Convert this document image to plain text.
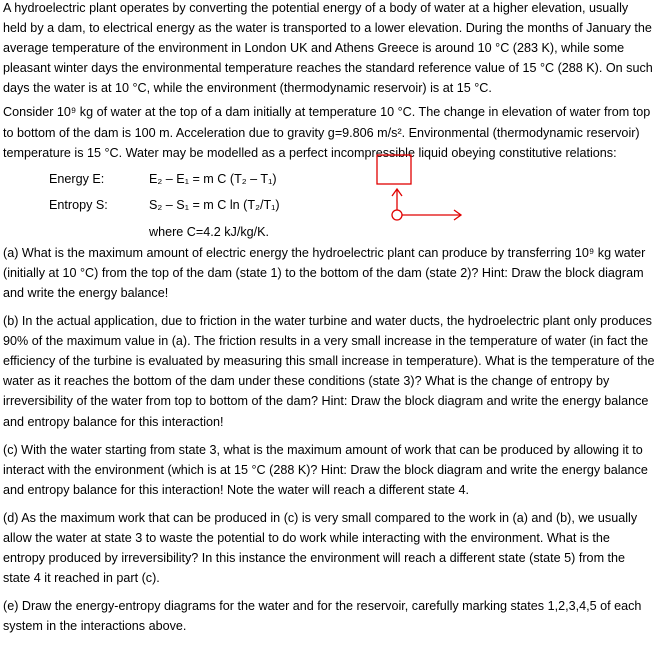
A hydroelectric plant operates by converting the potential energy of a body of water at a higher elevation, usually held by a dam, to electrical energy as the water is transported to a lower elevation. During the months of January the average temperature of the environment in London UK and Athens Greece is around 10 °C (283 K), while some pleasant winter days the environmental temperature reaches the standard reference value of 15 °C (288 K). On such days the water is at 10 °C, while the environment (thermodynamic reservoir) is at 15 °C.

Consider 10⁹ kg of water at the top of a dam initially at temperature 10 °C. The change in elevation of water from top to bottom of the dam is 100 m. Acceleration due to gravity g=9.806 m/s². Environmental (thermodynamic reservoir) temperature is 15 °C. Water may be modelled as a perfect incompressible liquid obeying constitutive relations:

Energy E:	E₂ – E₁ = m C (T₂ – T₁)
Entropy S:	S₂ – S₁ = m C ln (T₂/T₁)
where C=4.2 kJ/kg/K.

(a) What is the maximum amount of electric energy the hydroelectric plant can produce by transferring 10⁹ kg water (initially at 10 °C) from the top of the dam (state 1) to the bottom of the dam (state 2)? Hint: Draw the block diagram and write the energy balance!

(b) In the actual application, due to friction in the water turbine and water ducts, the hydroelectric plant only produces 90% of the maximum value in (a). The friction results in a very small increase in the temperature of water (in fact the efficiency of the turbine is evaluated by measuring this small increase in temperature). What is the temperature of the water as it reaches the bottom of the dam under these conditions (state 3)? What is the change of entropy by irreversibility of the water from top to bottom of the dam? Hint: Draw the block diagram and write the energy balance and entropy balance for this interaction!

(c) With the water starting from state 3, what is the maximum amount of work that can be produced by allowing it to interact with the environment (which is at 15 °C (288 K)? Hint: Draw the block diagram and write the energy balance and entropy balance for this interaction! Note the water will reach a different state 4.

(d) As the maximum work that can be produced in (c) is very small compared to the work in (a) and (b), we usually allow the water at state 3 to waste the potential to do work while interacting with the environment. What is the entropy produced by irreversibility? In this instance the environment will reach a different state (state 5) from the state 4 it reached in part (c).

(e) Draw the energy-entropy diagrams for the water and for the reservoir, carefully marking states 1,2,3,4,5 of each system in the interactions above.
